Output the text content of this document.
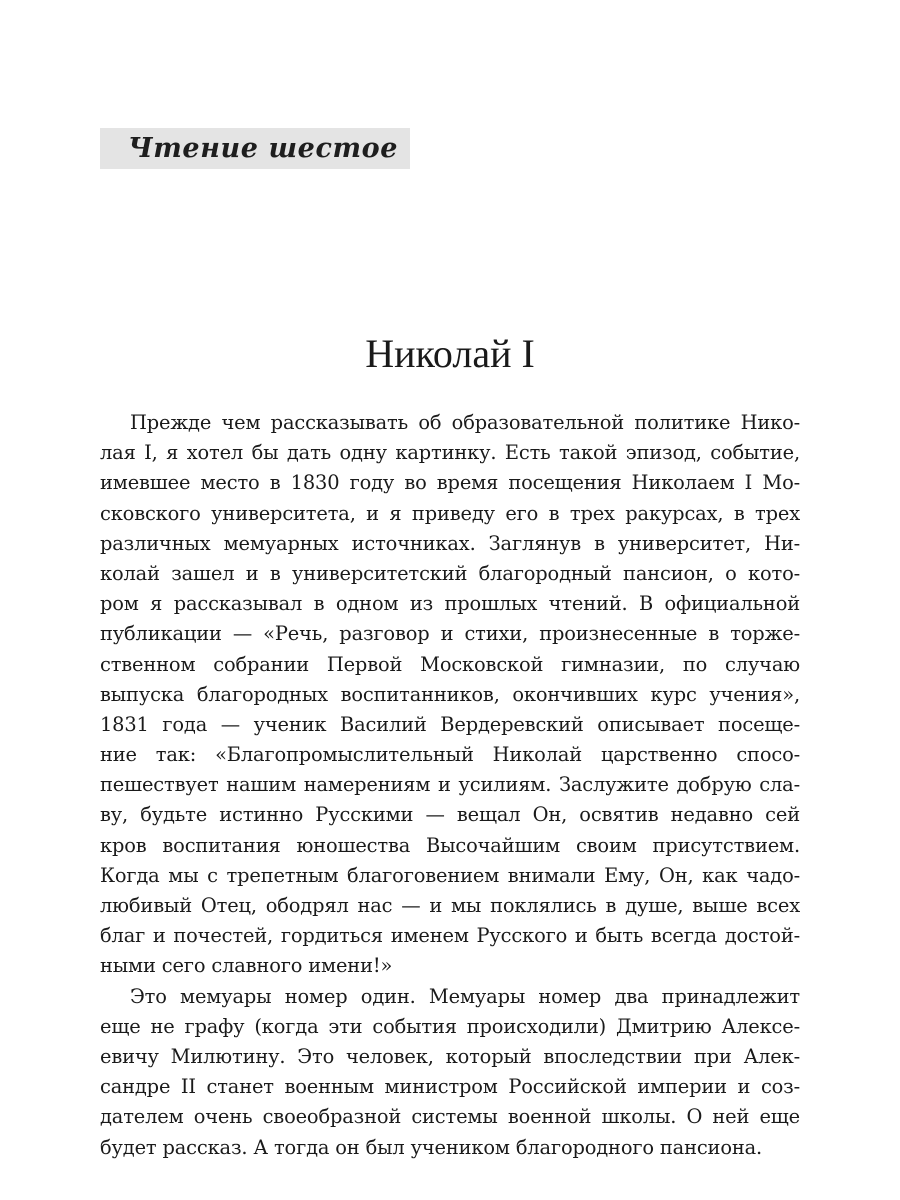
Чтение шестое
Николай I
Прежде чем рассказывать об образовательной политике Нико-
лая I, я хотел бы дать одну картинку. Есть такой эпизод, событие,
имевшее место в 1830 году во время посещения Николаем I Мо-
сковского университета, и я приведу его в трех ракурсах, в трех
различных мемуарных источниках. Заглянув в университет, Ни-
колай зашел и в университетский благородный пансион, о кото-
ром я рассказывал в одном из прошлых чтений. В официальной
публикации — «Речь, разговор и стихи, произнесенные в торже-
ственном собрании Первой Московской гимназии, по случаю
выпуска благородных воспитанников, окончивших курс учения»,
1831 года — ученик Василий Вердеревский описывает посеще-
ние так: «Благопромыслительный Николай царственно спосо-
пешествует нашим намерениям и усилиям. Заслужите добрую сла-
ву, будьте истинно Русскими — вещал Он, освятив недавно сей
кров воспитания юношества Высочайшим своим присутствием.
Когда мы с трепетным благоговением внимали Ему, Он, как чадо-
любивый Отец, ободрял нас — и мы поклялись в душе, выше всех
благ и почестей, гордиться именем Русского и быть всегда достой-
ными сего славного имени!»
Это мемуары номер один. Мемуары номер два принадлежит
еще не графу (когда эти события происходили) Дмитрию Алексе-
евичу Милютину. Это человек, который впоследствии при Алек-
сандре II станет военным министром Российской империи и соз-
дателем очень своеобразной системы военной школы. О ней еще
будет рассказ. А тогда он был учеником благородного пансиона.
